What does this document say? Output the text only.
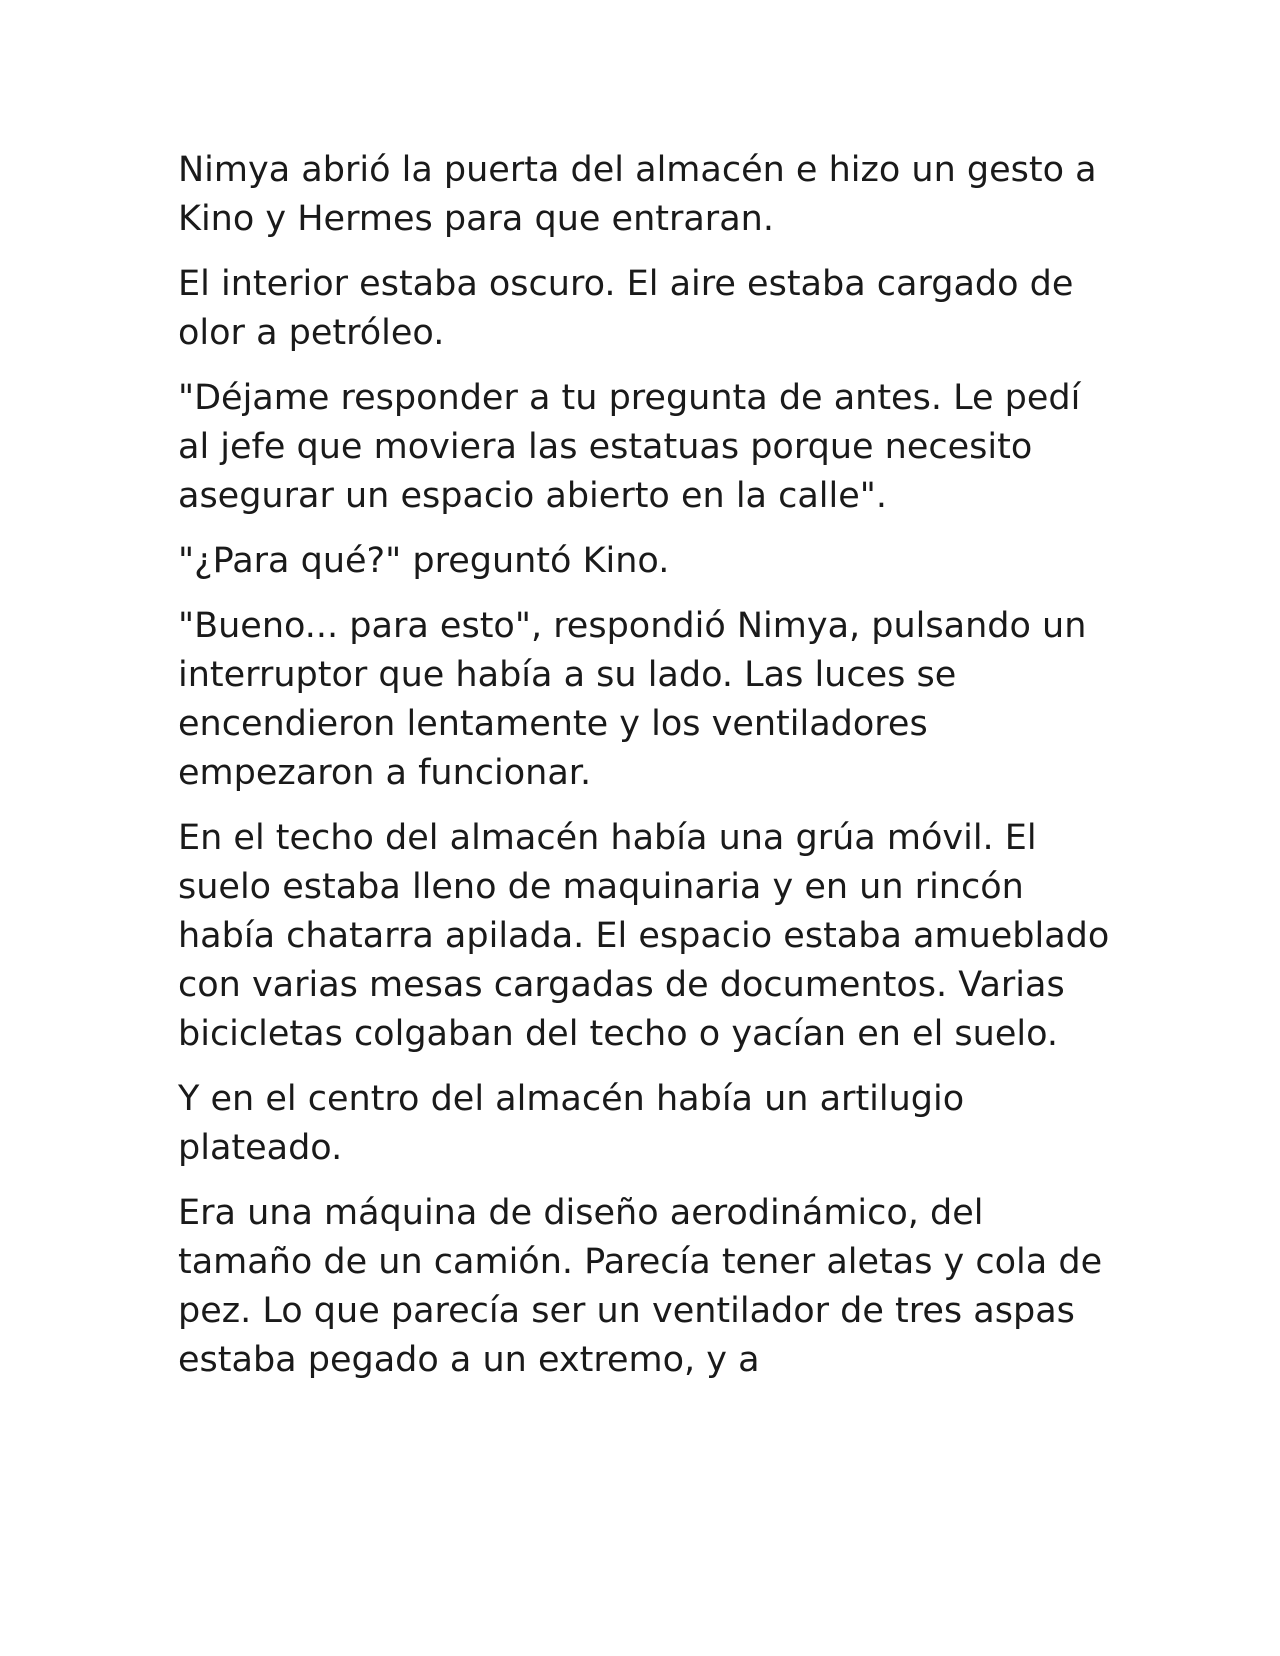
Nimya abrió la puerta del almacén e hizo un gesto a Kino y Hermes para que entraran.

El interior estaba oscuro. El aire estaba cargado de olor a petróleo.

"Déjame responder a tu pregunta de antes. Le pedí al jefe que moviera las estatuas porque necesito asegurar un espacio abierto en la calle".

"¿Para qué?" preguntó Kino.

"Bueno... para esto", respondió Nimya, pulsando un interruptor que había a su lado. Las luces se encendieron lentamente y los ventiladores empezaron a funcionar.

En el techo del almacén había una grúa móvil. El suelo estaba lleno de maquinaria y en un rincón había chatarra apilada. El espacio estaba amueblado con varias mesas cargadas de documentos. Varias bicicletas colgaban del techo o yacían en el suelo.

Y en el centro del almacén había un artilugio plateado.

Era una máquina de diseño aerodinámico, del tamaño de un camión. Parecía tener aletas y cola de pez. Lo que parecía ser un ventilador de tres aspas estaba pegado a un extremo, y a
